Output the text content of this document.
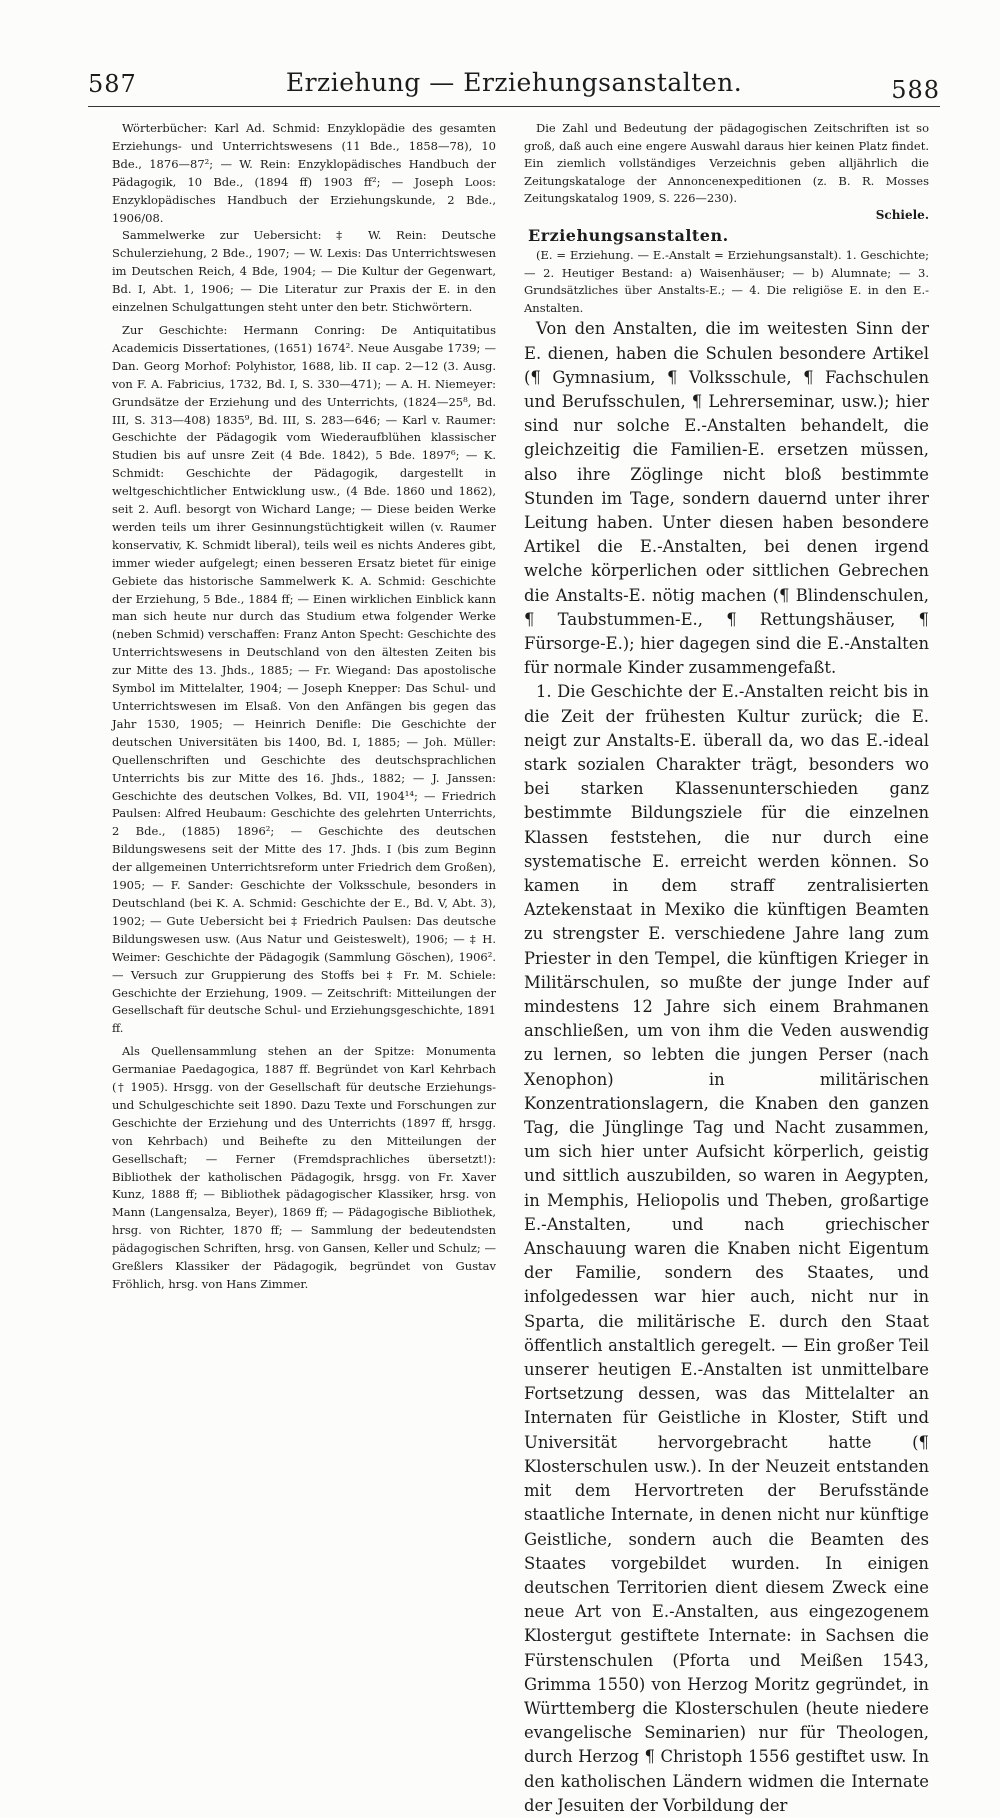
587	Erziehung — Erziehungsanstalten.	588

Wörterbücher: Karl Ad. Schmid: Enzyklopädie des gesamten Erziehungs- und Unterrichtswesens (11 Bde., 1858—78), 10 Bde., 1876—87²; — W. Rein: Enzyklopädisches Handbuch der Pädagogik, 10 Bde., (1894 ff) 1903 ff²; — Joseph Loos: Enzyklopädisches Handbuch der Erziehungskunde, 2 Bde., 1906/08.

Sammelwerke zur Uebersicht: ‡ W. Rein: Deutsche Schulerziehung, 2 Bde., 1907; — W. Lexis: Das Unterrichtswesen im Deutschen Reich, 4 Bde, 1904; — Die Kultur der Gegenwart, Bd. I, Abt. 1, 1906; — Die Literatur zur Praxis der E. in den einzelnen Schulgattungen steht unter den betr. Stichwörtern.

Zur Geschichte: Hermann Conring: De Antiquitatibus Academicis Dissertationes, (1651) 1674². Neue Ausgabe 1739; — Dan. Georg Morhof: Polyhistor, 1688, lib. II cap. 2—12 (3. Ausg. von F. A. Fabricius, 1732, Bd. I, S. 330—471); — A. H. Niemeyer: Grundsätze der Erziehung und des Unterrichts, (1824—25⁸, Bd. III, S. 313—408) 1835⁹, Bd. III, S. 283—646; — Karl v. Raumer: Geschichte der Pädagogik vom Wiederaufblühen klassischer Studien bis auf unsre Zeit (4 Bde. 1842), 5 Bde. 1897⁶; — K. Schmidt: Geschichte der Pädagogik, dargestellt in weltgeschichtlicher Entwicklung usw., (4 Bde. 1860 und 1862), seit 2. Aufl. besorgt von Wichard Lange; — Diese beiden Werke werden teils um ihrer Gesinnungstüchtigkeit willen (v. Raumer konservativ, K. Schmidt liberal), teils weil es nichts Anderes gibt, immer wieder aufgelegt; einen besseren Ersatz bietet für einige Gebiete das historische Sammelwerk K. A. Schmid: Geschichte der Erziehung, 5 Bde., 1884 ff; — Einen wirklichen Einblick kann man sich heute nur durch das Studium etwa folgender Werke (neben Schmid) verschaffen: Franz Anton Specht: Geschichte des Unterrichtswesens in Deutschland von den ältesten Zeiten bis zur Mitte des 13. Jhds., 1885; — Fr. Wiegand: Das apostolische Symbol im Mittelalter, 1904; — Joseph Knepper: Das Schul- und Unterrichtswesen im Elsaß. Von den Anfängen bis gegen das Jahr 1530, 1905; — Heinrich Denifle: Die Geschichte der deutschen Universitäten bis 1400, Bd. I, 1885; — Joh. Müller: Quellenschriften und Geschichte des deutschsprachlichen Unterrichts bis zur Mitte des 16. Jhds., 1882; — J. Janssen: Geschichte des deutschen Volkes, Bd. VII, 1904¹⁴; — Friedrich Paulsen: Alfred Heubaum: Geschichte des gelehrten Unterrichts, 2 Bde., (1885) 1896²; — Geschichte des deutschen Bildungswesens seit der Mitte des 17. Jhds. I (bis zum Beginn der allgemeinen Unterrichtsreform unter Friedrich dem Großen), 1905; — F. Sander: Geschichte der Volksschule, besonders in Deutschland (bei K. A. Schmid: Geschichte der E., Bd. V, Abt. 3), 1902; — Gute Uebersicht bei ‡ Friedrich Paulsen: Das deutsche Bildungswesen usw. (Aus Natur und Geisteswelt), 1906; — ‡ H. Weimer: Geschichte der Pädagogik (Sammlung Göschen), 1906². — Versuch zur Gruppierung des Stoffs bei ‡ Fr. M. Schiele: Geschichte der Erziehung, 1909. — Zeitschrift: Mitteilungen der Gesellschaft für deutsche Schul- und Erziehungsgeschichte, 1891 ff.

Als Quellensammlung stehen an der Spitze: Monumenta Germaniae Paedagogica, 1887 ff. Begründet von Karl Kehrbach († 1905). Hrsgg. von der Gesellschaft für deutsche Erziehungs- und Schulgeschichte seit 1890. Dazu Texte und Forschungen zur Geschichte der Erziehung und des Unterrichts (1897 ff, hrsgg. von Kehrbach) und Beihefte zu den Mitteilungen der Gesellschaft; — Ferner (Fremdsprachliches übersetzt!): Bibliothek der katholischen Pädagogik, hrsgg. von Fr. Xaver Kunz, 1888 ff; — Bibliothek pädagogischer Klassiker, hrsg. von Mann (Langensalza, Beyer), 1869 ff; — Pädagogische Bibliothek, hrsg. von Richter, 1870 ff; — Sammlung der bedeutendsten pädagogischen Schriften, hrsg. von Gansen, Keller und Schulz; — Greßlers Klassiker der Pädagogik, begründet von Gustav Fröhlich, hrsg. von Hans Zimmer.

Die Zahl und Bedeutung der pädagogischen Zeitschriften ist so groß, daß auch eine engere Auswahl daraus hier keinen Platz findet. Ein ziemlich vollständiges Verzeichnis geben alljährlich die Zeitungskataloge der Annoncenexpeditionen (z. B. R. Mosses Zeitungskatalog 1909, S. 226—230).

Schiele.

Erziehungsanstalten.

(E. = Erziehung. — E.-Anstalt = Erziehungsanstalt). 1. Geschichte; — 2. Heutiger Bestand: a) Waisenhäuser; — b) Alumnate; — 3. Grundsätzliches über Anstalts-E.; — 4. Die religiöse E. in den E.-Anstalten.

Von den Anstalten, die im weitesten Sinn der E. dienen, haben die Schulen besondere Artikel (¶ Gymnasium, ¶ Volksschule, ¶ Fachschulen und Berufsschulen, ¶ Lehrerseminar, usw.); hier sind nur solche E.-Anstalten behandelt, die gleichzeitig die Familien-E. ersetzen müssen, also ihre Zöglinge nicht bloß bestimmte Stunden im Tage, sondern dauernd unter ihrer Leitung haben. Unter diesen haben besondere Artikel die E.-Anstalten, bei denen irgend welche körperlichen oder sittlichen Gebrechen die Anstalts-E. nötig machen (¶ Blindenschulen, ¶ Taubstummen-E., ¶ Rettungshäuser, ¶ Fürsorge-E.); hier dagegen sind die E.-Anstalten für normale Kinder zusammengefaßt.

1. Die Geschichte der E.-Anstalten reicht bis in die Zeit der frühesten Kultur zurück; die E. neigt zur Anstalts-E. überall da, wo das E.-ideal stark sozialen Charakter trägt, besonders wo bei starken Klassenunterschieden ganz bestimmte Bildungsziele für die einzelnen Klassen feststehen, die nur durch eine systematische E. erreicht werden können. So kamen in dem straff zentralisierten Aztekenstaat in Mexiko die künftigen Beamten zu strengster E. verschiedene Jahre lang zum Priester in den Tempel, die künftigen Krieger in Militärschulen, so mußte der junge Inder auf mindestens 12 Jahre sich einem Brahmanen anschließen, um von ihm die Veden auswendig zu lernen, so lebten die jungen Perser (nach Xenophon) in militärischen Konzentrationslagern, die Knaben den ganzen Tag, die Jünglinge Tag und Nacht zusammen, um sich hier unter Aufsicht körperlich, geistig und sittlich auszubilden, so waren in Aegypten, in Memphis, Heliopolis und Theben, großartige E.-Anstalten, und nach griechischer Anschauung waren die Knaben nicht Eigentum der Familie, sondern des Staates, und infolgedessen war hier auch, nicht nur in Sparta, die militärische E. durch den Staat öffentlich anstaltlich geregelt. — Ein großer Teil unserer heutigen E.-Anstalten ist unmittelbare Fortsetzung dessen, was das Mittelalter an Internaten für Geistliche in Kloster, Stift und Universität hervorgebracht hatte (¶ Klosterschulen usw.). In der Neuzeit entstanden mit dem Hervortreten der Berufsstände staatliche Internate, in denen nicht nur künftige Geistliche, sondern auch die Beamten des Staates vorgebildet wurden. In einigen deutschen Territorien dient diesem Zweck eine neue Art von E.-Anstalten, aus eingezogenem Klostergut gestiftete Internate: in Sachsen die Fürstenschulen (Pforta und Meißen 1543, Grimma 1550) von Herzog Moritz gegründet, in Württemberg die Klosterschulen (heute niedere evangelische Seminarien) nur für Theologen, durch Herzog ¶ Christoph 1556 gestiftet usw. In den katholischen Ländern widmen die Internate der Jesuiten der Vorbildung der
